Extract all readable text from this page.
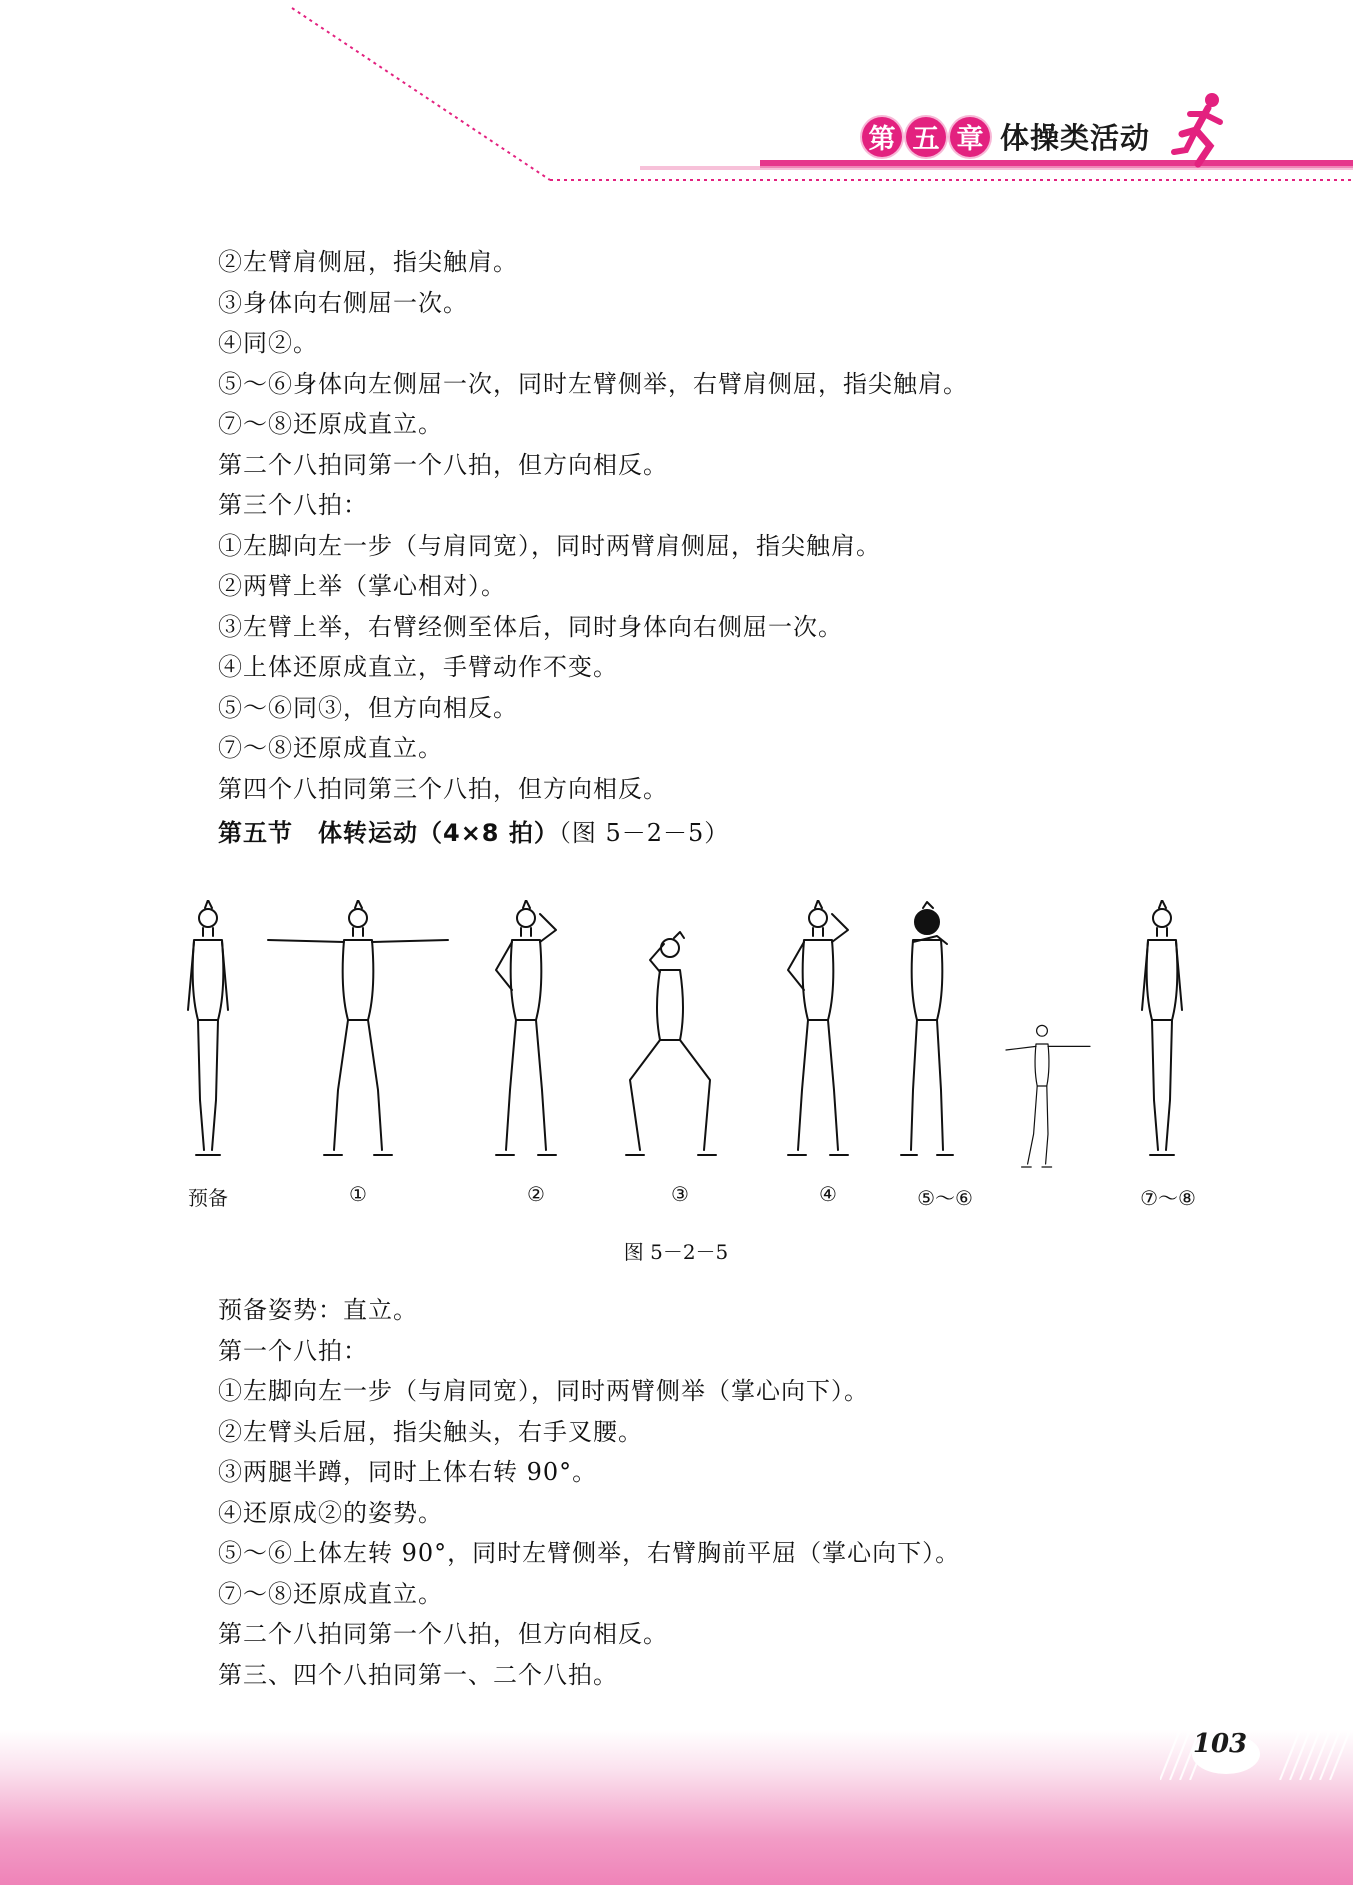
第 五 章 体操类活动
②左臂肩侧屈，指尖触肩。
③身体向右侧屈一次。
④同②。
⑤～⑥身体向左侧屈一次，同时左臂侧举，右臂肩侧屈，指尖触肩。
⑦～⑧还原成直立。
第二个八拍同第一个八拍，但方向相反。
第三个八拍：
①左脚向左一步（与肩同宽），同时两臂肩侧屈，指尖触肩。
②两臂上举（掌心相对）。
③左臂上举，右臂经侧至体后，同时身体向右侧屈一次。
④上体还原成直立，手臂动作不变。
⑤～⑥同③，但方向相反。
⑦～⑧还原成直立。
第四个八拍同第三个八拍，但方向相反。
第五节　体转运动（4×8 拍）（图 5－2－5）
预备	①	②	③	④	⑤～⑥	⑦～⑧
图 5－2－5
预备姿势：直立。
第一个八拍：
①左脚向左一步（与肩同宽），同时两臂侧举（掌心向下）。
②左臂头后屈，指尖触头，右手叉腰。
③两腿半蹲，同时上体右转 90°。
④还原成②的姿势。
⑤～⑥上体左转 90°，同时左臂侧举，右臂胸前平屈（掌心向下）。
⑦～⑧还原成直立。
第二个八拍同第一个八拍，但方向相反。
第三、四个八拍同第一、二个八拍。
103
